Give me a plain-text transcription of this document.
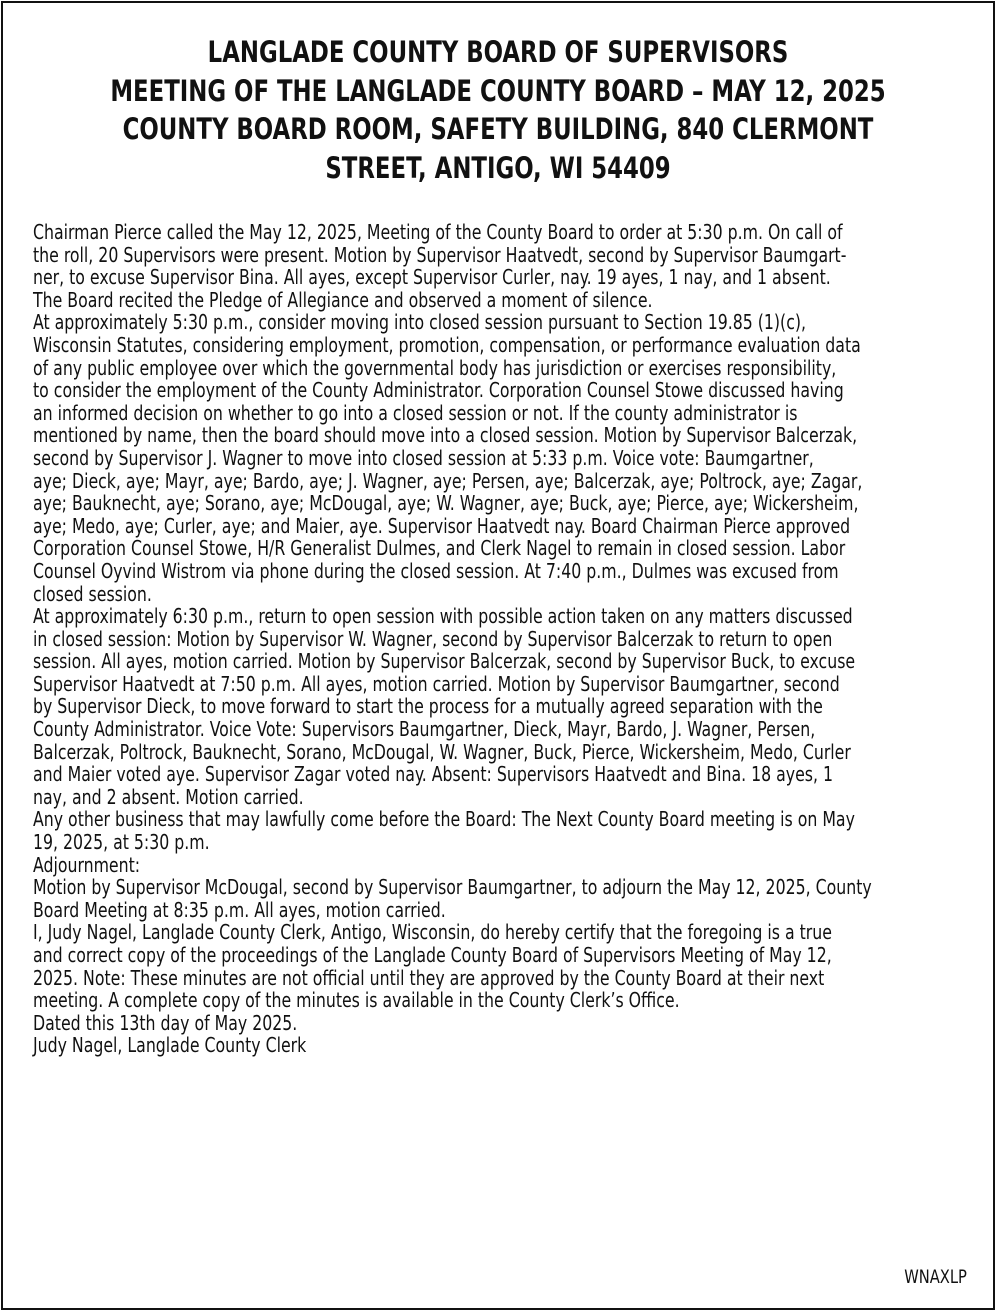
LANGLADE COUNTY BOARD OF SUPERVISORS
MEETING OF THE LANGLADE COUNTY BOARD – MAY 12, 2025
COUNTY BOARD ROOM, SAFETY BUILDING, 840 CLERMONT
STREET, ANTIGO, WI 54409
Chairman Pierce called the May 12, 2025, Meeting of the County Board to order at 5:30 p.m. On call of
the roll, 20 Supervisors were present. Motion by Supervisor Haatvedt, second by Supervisor Baumgart-
ner, to excuse Supervisor Bina. All ayes, except Supervisor Curler, nay. 19 ayes, 1 nay, and 1 absent.
The Board recited the Pledge of Allegiance and observed a moment of silence.
At approximately 5:30 p.m., consider moving into closed session pursuant to Section 19.85 (1)(c),
Wisconsin Statutes, considering employment, promotion, compensation, or performance evaluation data
of any public employee over which the governmental body has jurisdiction or exercises responsibility,
to consider the employment of the County Administrator. Corporation Counsel Stowe discussed having
an informed decision on whether to go into a closed session or not. If the county administrator is
mentioned by name, then the board should move into a closed session. Motion by Supervisor Balcerzak,
second by Supervisor J. Wagner to move into closed session at 5:33 p.m. Voice vote: Baumgartner,
aye; Dieck, aye; Mayr, aye; Bardo, aye; J. Wagner, aye; Persen, aye; Balcerzak, aye; Poltrock, aye; Zagar,
aye; Bauknecht, aye; Sorano, aye; McDougal, aye; W. Wagner, aye; Buck, aye; Pierce, aye; Wickersheim,
aye; Medo, aye; Curler, aye; and Maier, aye. Supervisor Haatvedt nay. Board Chairman Pierce approved
Corporation Counsel Stowe, H/R Generalist Dulmes, and Clerk Nagel to remain in closed session. Labor
Counsel Oyvind Wistrom via phone during the closed session. At 7:40 p.m., Dulmes was excused from
closed session.
At approximately 6:30 p.m., return to open session with possible action taken on any matters discussed
in closed session: Motion by Supervisor W. Wagner, second by Supervisor Balcerzak to return to open
session. All ayes, motion carried. Motion by Supervisor Balcerzak, second by Supervisor Buck, to excuse
Supervisor Haatvedt at 7:50 p.m. All ayes, motion carried. Motion by Supervisor Baumgartner, second
by Supervisor Dieck, to move forward to start the process for a mutually agreed separation with the
County Administrator. Voice Vote: Supervisors Baumgartner, Dieck, Mayr, Bardo, J. Wagner, Persen,
Balcerzak, Poltrock, Bauknecht, Sorano, McDougal, W. Wagner, Buck, Pierce, Wickersheim, Medo, Curler
and Maier voted aye. Supervisor Zagar voted nay. Absent: Supervisors Haatvedt and Bina. 18 ayes, 1
nay, and 2 absent. Motion carried.
Any other business that may lawfully come before the Board: The Next County Board meeting is on May
19, 2025, at 5:30 p.m.
Adjournment:
Motion by Supervisor McDougal, second by Supervisor Baumgartner, to adjourn the May 12, 2025, County
Board Meeting at 8:35 p.m. All ayes, motion carried.
I, Judy Nagel, Langlade County Clerk, Antigo, Wisconsin, do hereby certify that the foregoing is a true
and correct copy of the proceedings of the Langlade County Board of Supervisors Meeting of May 12,
2025. Note: These minutes are not official until they are approved by the County Board at their next
meeting. A complete copy of the minutes is available in the County Clerk’s Office.
Dated this 13th day of May 2025.
Judy Nagel, Langlade County Clerk
WNAXLP
